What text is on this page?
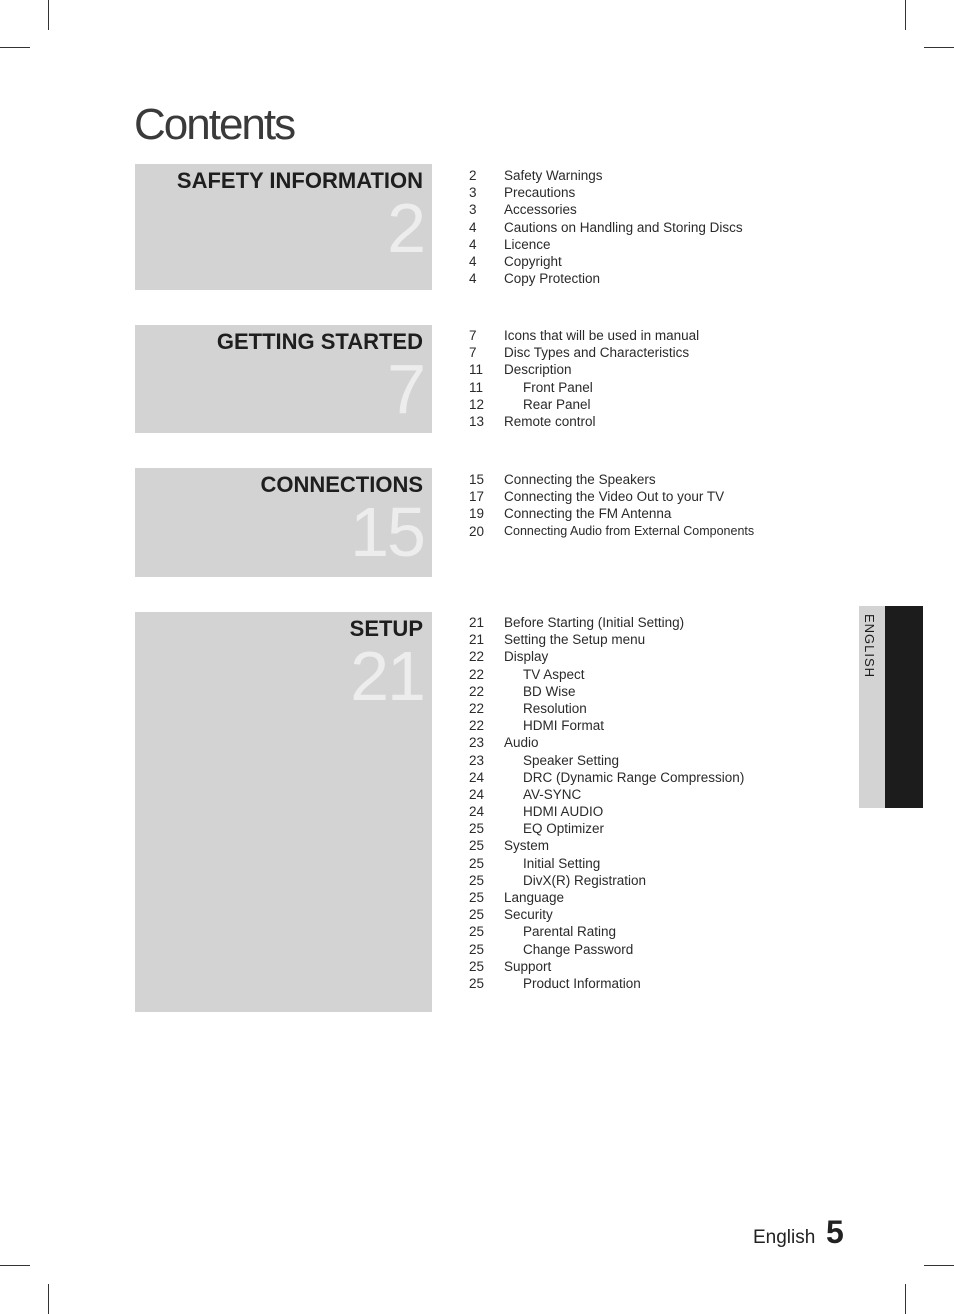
Contents
SAFETY INFORMATION
2
2	Safety Warnings
3	Precautions
3	Accessories
4	Cautions on Handling and Storing Discs
4	Licence
4	Copyright
4	Copy Protection
GETTING STARTED
7
7	Icons that will be used in manual
7	Disc Types and Characteristics
11	Description
11	Front Panel
12	Rear Panel
13	Remote control
CONNECTIONS
15
15	Connecting the Speakers
17	Connecting the Video Out to your TV
19	Connecting the FM Antenna
20	Connecting Audio from External Components
SETUP
21
21	Before Starting (Initial Setting)
21	Setting the Setup menu
22	Display
22	TV Aspect
22	BD Wise
22	Resolution
22	HDMI Format
23	Audio
23	Speaker Setting
24	DRC (Dynamic Range Compression)
24	AV-SYNC
24	HDMI AUDIO
25	EQ Optimizer
25	System
25	Initial Setting
25	DivX(R) Registration
25	Language
25	Security
25	Parental Rating
25	Change Password
25	Support
25	Product Information
ENGLISH
English 5
